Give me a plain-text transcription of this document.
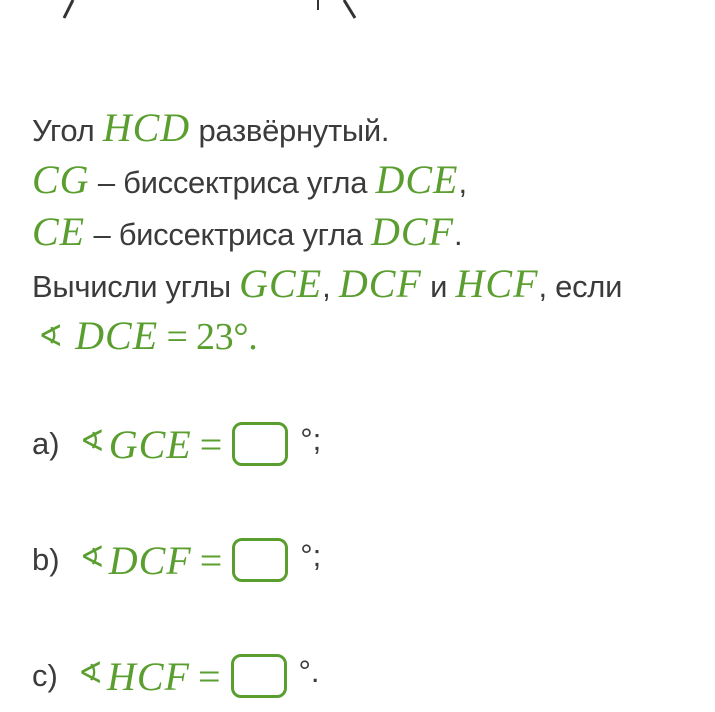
Угол HCD развёрнутый.
CG – биссектриса угла DCE,
CE – биссектриса угла DCF.
Вычисли углы GCE, DCF и HCF, если
∢ DCE = 23°.
a) ∢ GCE =	°;
b) ∢ DCF =	°;
c) ∢ HCF =	°.
